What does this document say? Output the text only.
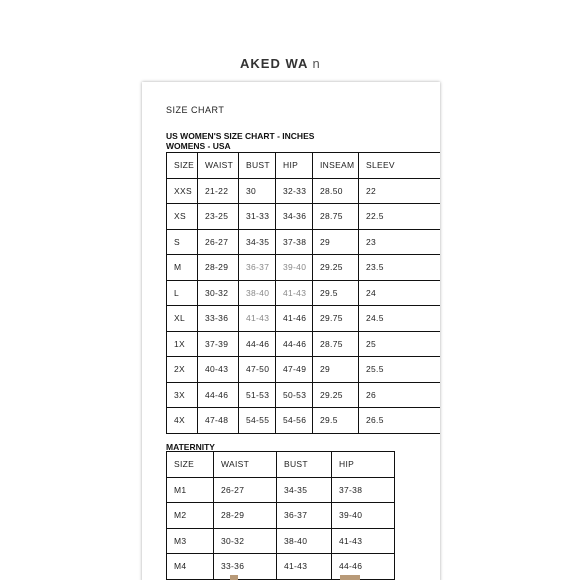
AKED WA n
SIZE CHART
US WOMEN'S SIZE CHART - INCHES
WOMENS - USA
SIZE	WAIST	BUST	HIP	INSEAM	SLEEV
XXS	21-22	30	32-33	28.50	22
XS	23-25	31-33	34-36	28.75	22.5
S	26-27	34-35	37-38	29	23
M	28-29	36-37	39-40	29.25	23.5
L	30-32	38-40	41-43	29.5	24
XL	33-36	41-43	41-46	29.75	24.5
1X	37-39	44-46	44-46	28.75	25
2X	40-43	47-50	47-49	29	25.5
3X	44-46	51-53	50-53	29.25	26
4X	47-48	54-55	54-56	29.5	26.5
MATERNITY
SIZE	WAIST	BUST	HIP
M1	26-27	34-35	37-38
M2	28-29	36-37	39-40
M3	30-32	38-40	41-43
M4	33-36	41-43	44-46
